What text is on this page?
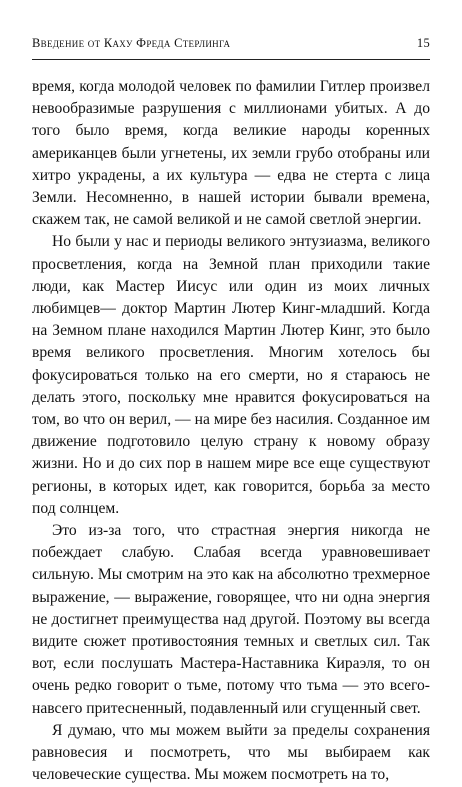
Введение от Каху Фреда Стерлинга	15

время, когда молодой человек по фамилии Гитлер произвел невообразимые разрушения с миллионами убитых. А до того было время, когда великие народы коренных американцев были угнетены, их земли грубо отобраны или хитро украдены, а их культура — едва не стерта с лица Земли. Несомненно, в нашей истории бывали времена, скажем так, не самой великой и не самой светлой энергии.

Но были у нас и периоды великого энтузиазма, великого просветления, когда на Земной план приходили такие люди, как Мастер Иисус или один из моих личных любимцев— доктор Мартин Лютер Кинг-младший. Когда на Земном плане находился Мартин Лютер Кинг, это было время великого просветления. Многим хотелось бы фокусироваться только на его смерти, но я стараюсь не делать этого, поскольку мне нравится фокусироваться на том, во что он верил, — на мире без насилия. Созданное им движение подготовило целую страну к новому образу жизни. Но и до сих пор в нашем мире все еще существуют регионы, в которых идет, как говорится, борьба за место под солнцем.

Это из-за того, что страстная энергия никогда не побеждает слабую. Слабая всегда уравновешивает сильную. Мы смотрим на это как на абсолютно трехмерное выражение, — выражение, говорящее, что ни одна энергия не достигнет преимущества над другой. Поэтому вы всегда видите сюжет противостояния темных и светлых сил. Так вот, если послушать Мастера-Наставника Кираэля, то он очень редко говорит о тьме, потому что тьма — это всего-навсего притесненный, подавленный или сгущенный свет.

Я думаю, что мы можем выйти за пределы сохранения равновесия и посмотреть, что мы выбираем как человеческие существа. Мы можем посмотреть на то,
